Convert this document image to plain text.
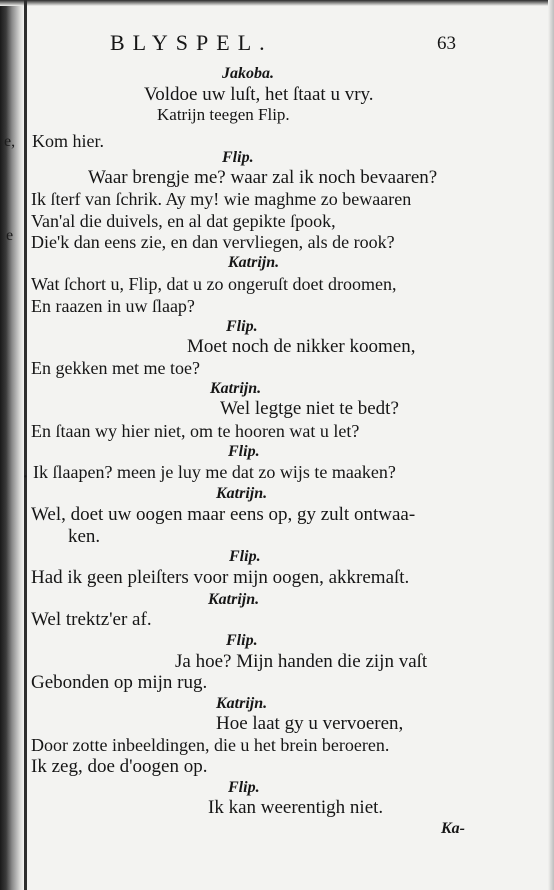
e,
e
·
BLYSPEL.	63
Jakoba.
Voldoe uw luſt, het ſtaat u vry.
Katrijn teegen Flip.
Kom hier.
Flip.
Waar brengje me? waar zal ik noch bevaaren?
Ik ſterf van ſchrik. Ay my! wie maghme zo bewaaren
Van'al die duivels, en al dat gepikte ſpook,
Die'k dan eens zie, en dan vervliegen, als de rook?
Katrijn.
Wat ſchort u, Flip, dat u zo ongeruſt doet droomen,
En raazen in uw ſlaap?
Flip.
Moet noch de nikker koomen,
En gekken met me toe?
Katrijn.
Wel legtge niet te bedt?
En ſtaan wy hier niet, om te hooren wat u let?
Flip.
Ik ſlaapen? meen je luy me dat zo wijs te maaken?
Katrijn.
Wel, doet uw oogen maar eens op, gy zult ontwaa-
ken.
Flip.
Had ik geen pleiſters voor mijn oogen, akkremaſt.
Katrijn.
Wel trektz'er af.
Flip.
Ja hoe? Mijn handen die zijn vaſt
Gebonden op mijn rug.
Katrijn.
Hoe laat gy u vervoeren,
Door zotte inbeeldingen, die u het brein beroeren.
Ik zeg, doe d'oogen op.
Flip.
Ik kan weerentigh niet.
Ka-
